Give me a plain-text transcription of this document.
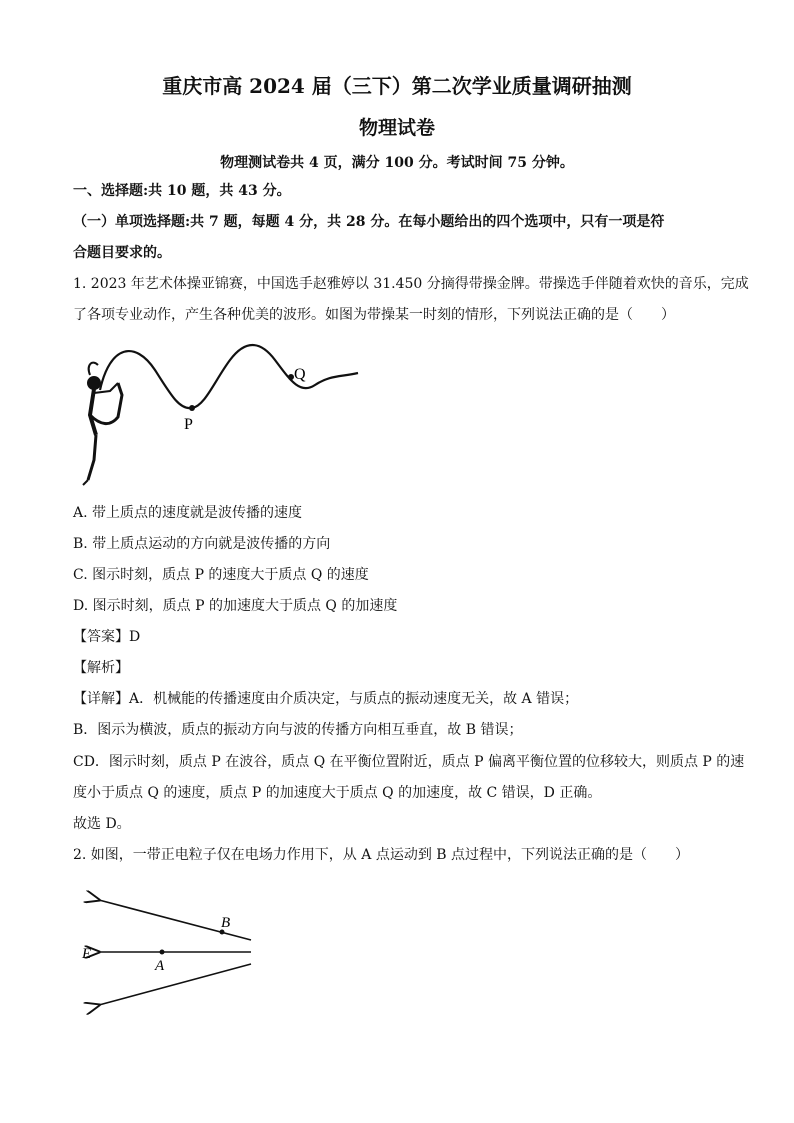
重庆市高 2024 届（三下）第二次学业质量调研抽测
物理试卷
物理测试卷共 4 页，满分 100 分。考试时间 75 分钟。
一、选择题:共 10 题，共 43 分。
（一）单项选择题:共 7 题，每题 4 分，共 28 分。在每小题给出的四个选项中，只有一项是符
合题目要求的。
1. 2023 年艺术体操亚锦赛，中国选手赵雅婷以 31.450 分摘得带操金牌。带操选手伴随着欢快的音乐，完成
了各项专业动作，产生各种优美的波形。如图为带操某一时刻的情形，下列说法正确的是（　　）
P
Q
A. 带上质点的速度就是波传播的速度
B. 带上质点运动的方向就是波传播的方向
C. 图示时刻，质点 P 的速度大于质点 Q 的速度
D. 图示时刻，质点 P 的加速度大于质点 Q 的加速度
【答案】D
【解析】
【详解】A．机械能的传播速度由介质决定，与质点的振动速度无关，故 A 错误；
B．图示为横波，质点的振动方向与波的传播方向相互垂直，故 B 错误；
CD．图示时刻，质点 P 在波谷，质点 Q 在平衡位置附近，质点 P 偏离平衡位置的位移较大，则质点 P 的速
度小于质点 Q 的速度，质点 P 的加速度大于质点 Q 的加速度，故 C 错误，D 正确。
故选 D。
2. 如图，一带正电粒子仅在电场力作用下，从 A 点运动到 B 点过程中，下列说法正确的是（　　）
B
A
E
